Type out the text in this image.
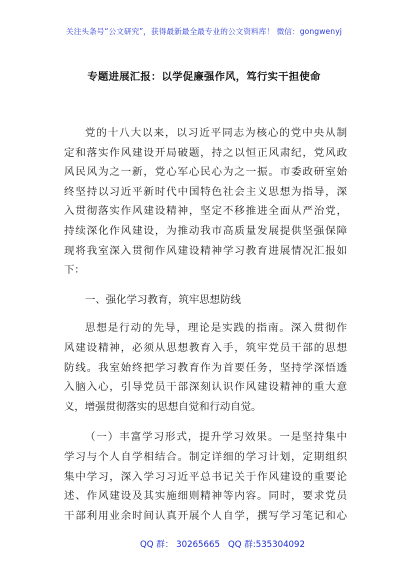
关注头条号“公文研究”，获得最新最全最专业的公文资料库！ 微信：gongwenyj
专题进展汇报：以学促廉强作风，笃行实干担使命
党的十八大以来，以习近平同志为核心的党中央从制
定和落实作风建设开局破题，持之以恒正风肃纪，党风政
风民风为之一新，党心军心民心为之一振。市委政研室始
终坚持以习近平新时代中国特色社会主义思想为指导，深
入贯彻落实作风建设精神，坚定不移推进全面从严治党，
持续深化作风建设，为推动我市高质量发展提供坚强保障
现将我室深入贯彻作风建设精神学习教育进展情况汇报如
下：
一、强化学习教育，筑牢思想防线
思想是行动的先导，理论是实践的指南。深入贯彻作
风建设精神，必须从思想教育入手，筑牢党员干部的思想
防线。我室始终把学习教育作为首要任务，坚持学深悟透
入脑入心，引导党员干部深刻认识作风建设精神的重大意
义，增强贯彻落实的思想自觉和行动自觉。
（一）丰富学习形式，提升学习效果。一是坚持集中
学习与个人自学相结合。制定详细的学习计划，定期组织
集中学习，深入学习习近平总书记关于作风建设的重要论
述、作风建设及其实施细则精神等内容。同时，要求党员
干部利用业余时间认真开展个人自学，撰写学习笔记和心
QQ 群： 30265665 QQ 群:535304092
